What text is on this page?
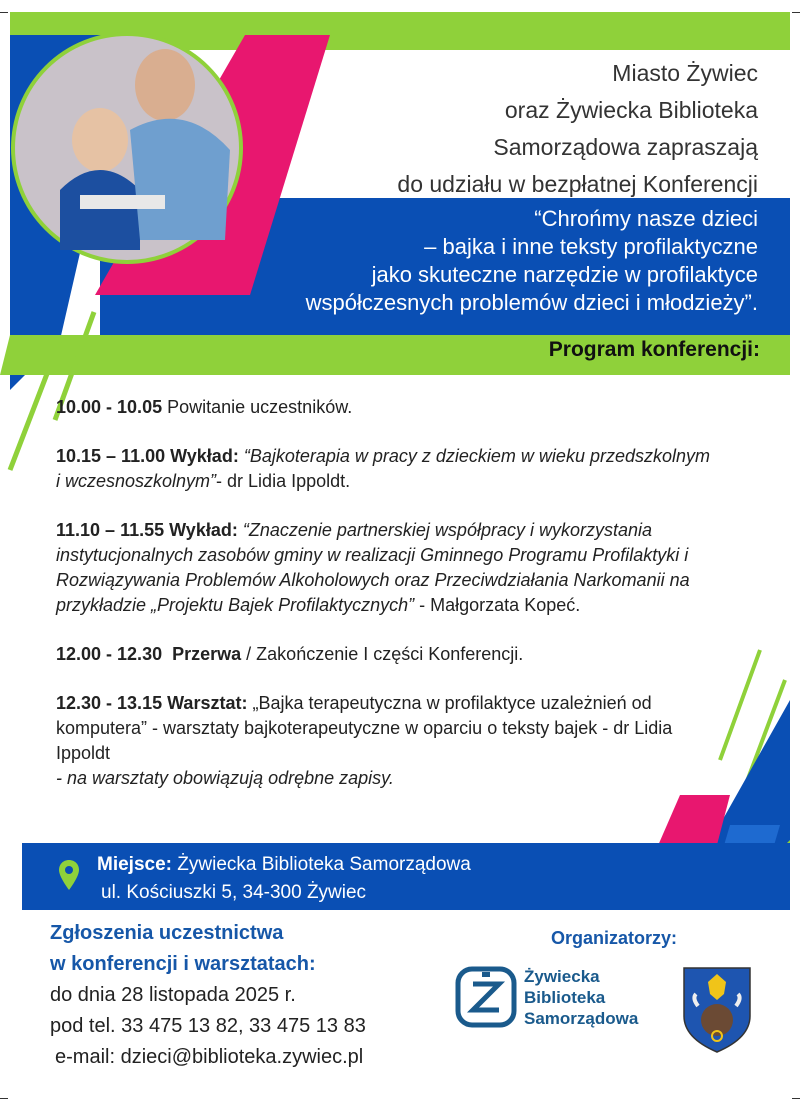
Miasto Żywiec
oraz Żywiecka Biblioteka
Samorządowa zapraszają
do udziału w bezpłatnej Konferencji
“Chrońmy nasze dzieci
– bajka i inne teksty profilaktyczne
jako skuteczne narzędzie w profilaktyce
współczesnych problemów dzieci i młodzieży”.
Program konferencji:

10.00 - 10.05 Powitanie uczestników.

10.15 – 11.00 Wykład: “Bajkoterapia w pracy z dzieckiem w wieku przedszkolnym i wczesnoszkolnym”- dr Lidia Ippoldt.

11.10 – 11.55 Wykład: “Znaczenie partnerskiej współpracy i wykorzystania instytucjonalnych zasobów gminy w realizacji Gminnego Programu Profilaktyki i Rozwiązywania Problemów Alkoholowych oraz Przeciwdziałania Narkomanii na przykładzie „Projektu Bajek Profilaktycznych” - Małgorzata Kopeć.

12.00 - 12.30 Przerwa / Zakończenie I części Konferencji.

12.30 - 13.15 Warsztat: „Bajka terapeutyczna w profilaktyce uzależnień od komputera” - warsztaty bajkoterapeutyczne w oparciu o teksty bajek - dr Lidia Ippoldt
- na warsztaty obowiązują odrębne zapisy.

Miejsce: Żywiecka Biblioteka Samorządowa
ul. Kościuszki 5, 34-300 Żywiec
Zgłoszenia uczestnictwa
w konferencji i warsztatach:
do dnia 28 listopada 2025 r.
pod tel. 33 475 13 82, 33 475 13 83
e-mail: dzieci@biblioteka.zywiec.pl
Organizatorzy:
Żywiecka
Biblioteka
Samorządowa
